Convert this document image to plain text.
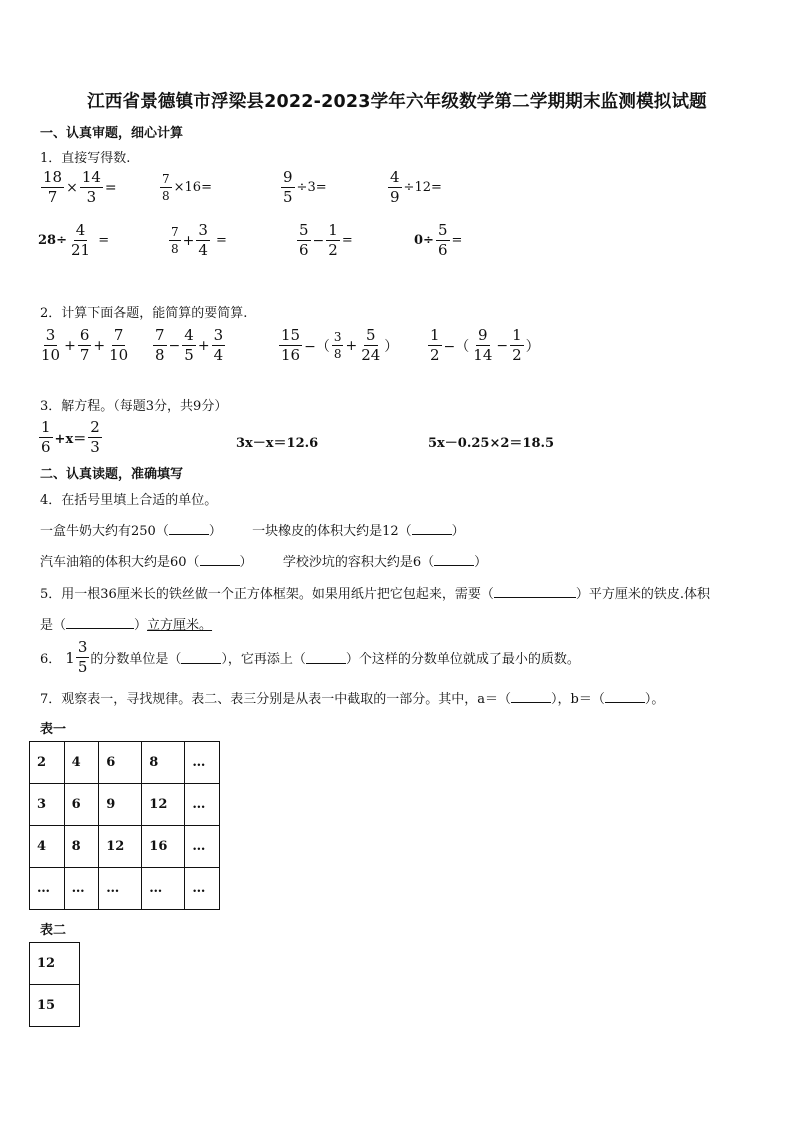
江西省景德镇市浮梁县2022-2023学年六年级数学第二学期期末监测模拟试题
一、认真审题，细心计算
1．直接写得数.
$\frac{18}{7} \times \frac{14}{3}$ =	$\frac{7}{8} \times 16=$	$\frac{9}{5} \div 3=$	$\frac{4}{9} \div 12=$
$28\div \frac{4}{21}$ =	$\frac{7}{8} + \frac{3}{4}$ =	$\frac{5}{6} - \frac{1}{2}$ =	$0\div \frac{5}{6}$ =
2．计算下面各题，能简算的要简算.
$\frac{3}{10} + \frac{6}{7} + \frac{7}{10} \frac{7}{8} - \frac{4}{5} + \frac{3}{4}$	$\frac{15}{16}$ −（ $\frac{3}{8} + \frac{5}{24}$ ） $\frac{1}{2}$ −（ $\frac{9}{14} - \frac{1}{2}$ ）
3．解方程。（每题3分，共9分）
$\frac{1}{6} +x= \frac{2}{3}$	3x－x＝12.6	5x－0.25×2＝18.5
二、认真读题，准确填写
4．在括号里填上合适的单位。
一盒牛奶大约有250（	） 一块橡皮的体积大约是12（	）
汽车油箱的体积大约是60（	） 学校沙坑的容积大约是6（	）
5．用一根36厘米长的铁丝做一个正方体框架。如果用纸片把它包起来，需要（	）平方厘米的铁皮.体积
是（	）立方厘米。
6． $1 \frac{3}{5}$ 的分数单位是（	），它再添上（	）个这样的分数单位就成了最小的质数。
7．观察表一，寻找规律。表二、表三分别是从表一中截取的一部分。其中，a＝（	），b＝（	）。
表一
2	4	6	8	…
3	6	9	12	…
4	8	12	16	…
…	…	…	…	…
表二
12
15
